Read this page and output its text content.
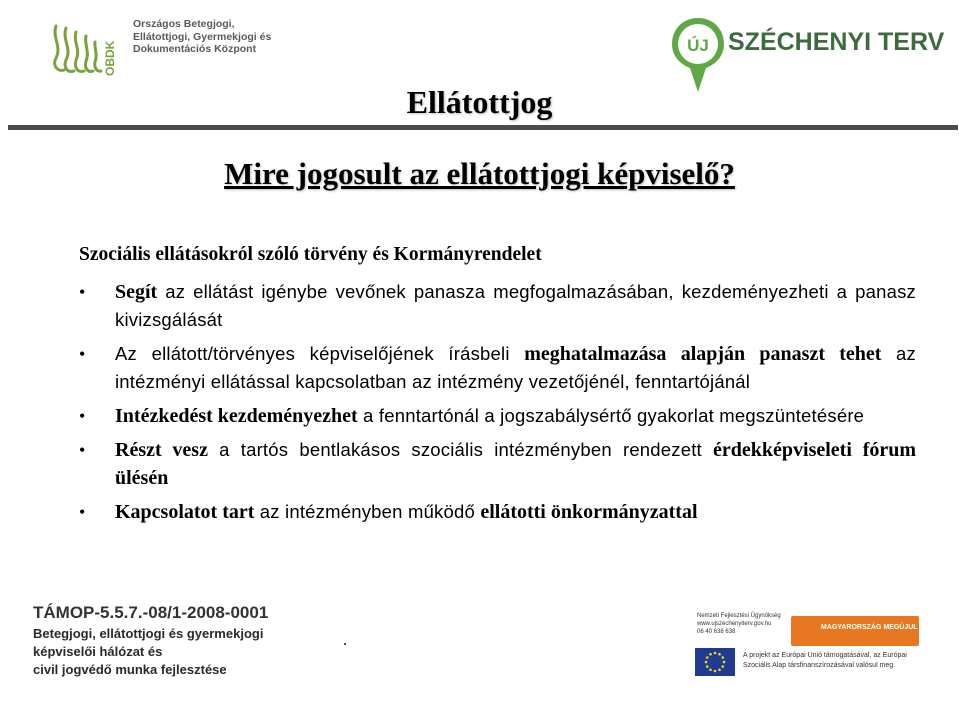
OBDK
Országos Betegjogi,
Ellátottjogi, Gyermekjogi és
Dokumentációs Központ	ÚJ SZÉCHENYI TERV
Ellátottjog
Mire jogosult az ellátottjogi képviselő?
Szociális ellátásokról szóló törvény és Kormányrendelet
• Segít az ellátást igénybe vevőnek panasza megfogalmazásában, kezdeményezheti a panasz kivizsgálását
• Az ellátott/törvényes képviselőjének írásbeli meghatalmazása alapján panaszt tehet az intézményi ellátással kapcsolatban az intézmény vezetőjénél, fenntartójánál
• Intézkedést kezdeményezhet a fenntartónál a jogszabálysértő gyakorlat megszüntetésére
• Részt vesz a tartós bentlakásos szociális intézményben rendezett érdekképviseleti fórum ülésén
• Kapcsolatot tart az intézményben működő ellátotti önkormányzattal
TÁMOP-5.5.7.-08/1-2008-0001
Betegjogi, ellátottjogi és gyermekjogi
képviselői hálózat és
civil jogvédő munka fejlesztése
.
Nemzeti Fejlesztési Ügynökség
www.ujszechenyiterv.gov.hu
06 40 638 638
MAGYARORSZÁG MEGÚJUL
A projekt az Európai Unió támogatásával, az Európai
Szociális Alap társfinanszírozásával valósul meg.
